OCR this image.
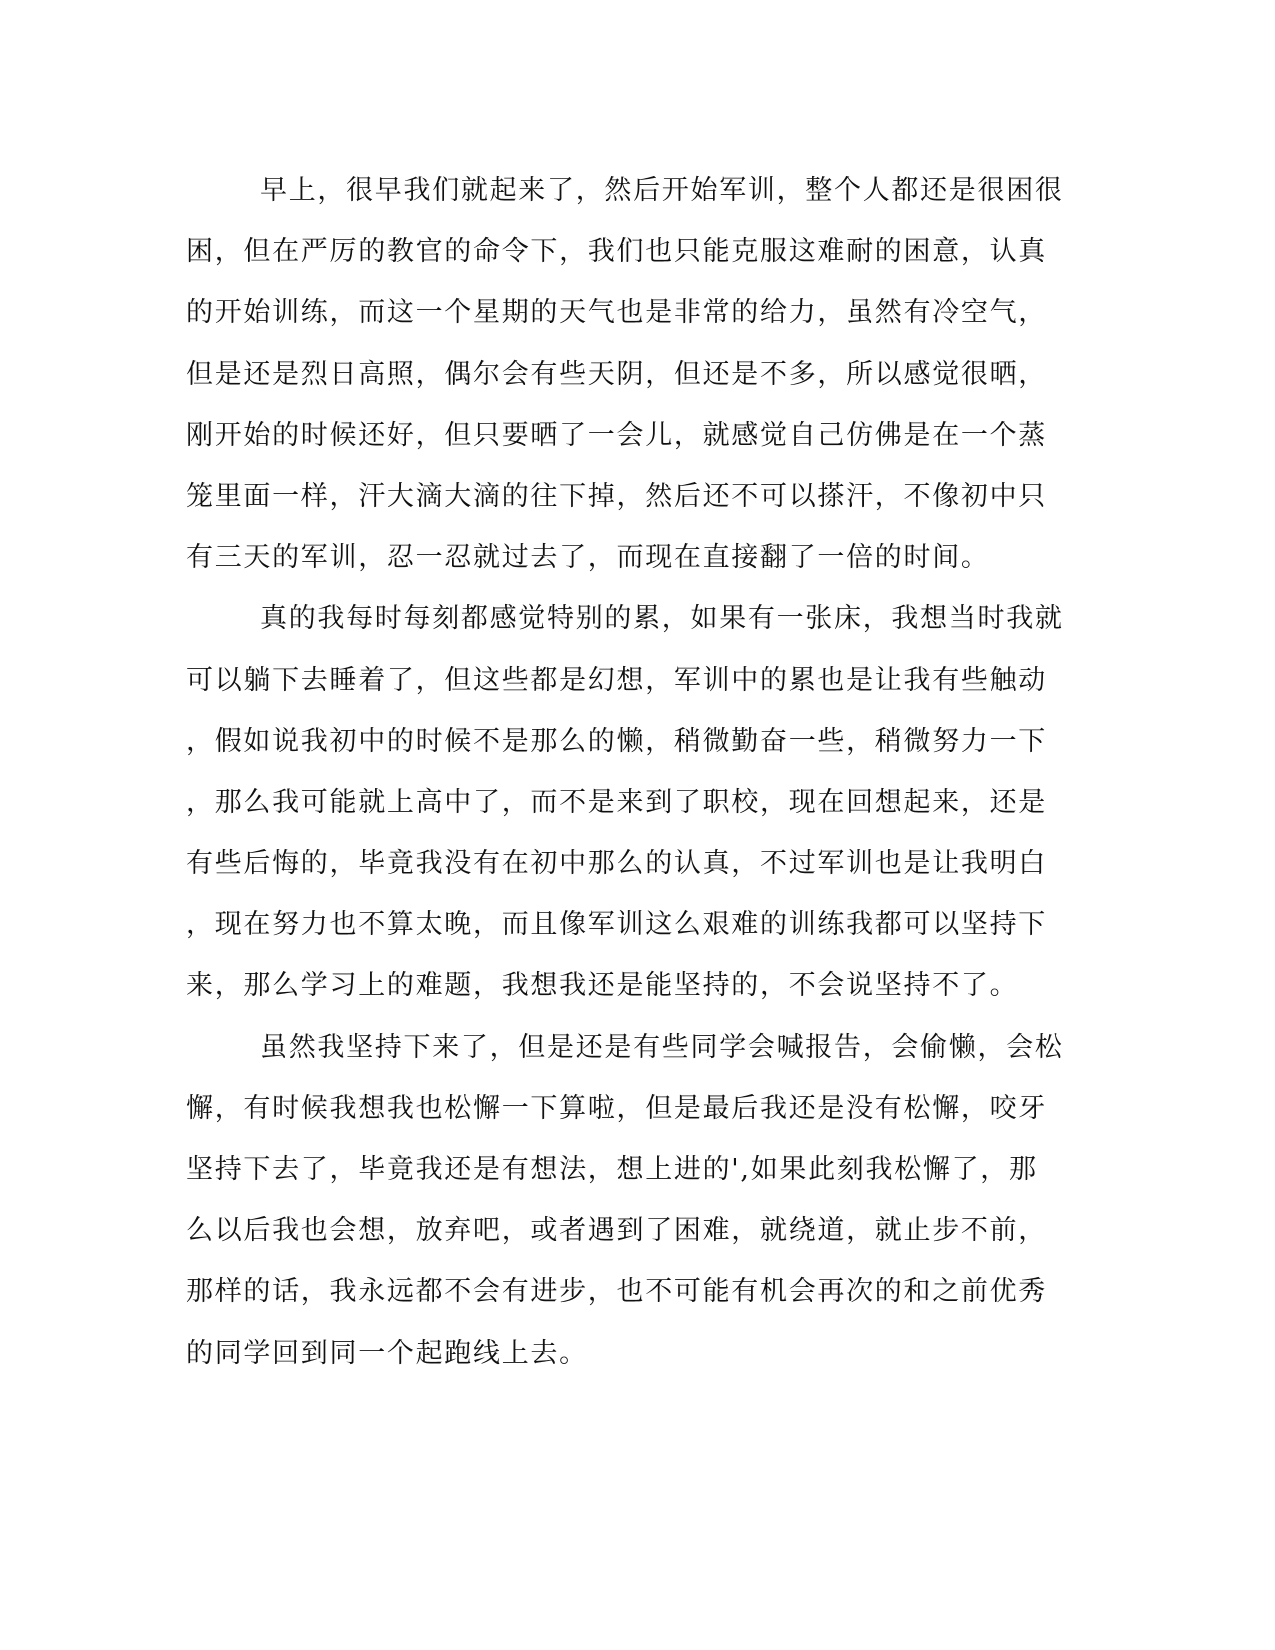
早上，很早我们就起来了，然后开始军训，整个人都还是很困很
困，但在严厉的教官的命令下，我们也只能克服这难耐的困意，认真
的开始训练，而这一个星期的天气也是非常的给力，虽然有冷空气，
但是还是烈日高照，偶尔会有些天阴，但还是不多，所以感觉很晒，
刚开始的时候还好，但只要晒了一会儿，就感觉自己仿佛是在一个蒸
笼里面一样，汗大滴大滴的往下掉，然后还不可以搽汗，不像初中只
有三天的军训，忍一忍就过去了，而现在直接翻了一倍的时间。
真的我每时每刻都感觉特别的累，如果有一张床，我想当时我就
可以躺下去睡着了，但这些都是幻想，军训中的累也是让我有些触动
，假如说我初中的时候不是那么的懒，稍微勤奋一些，稍微努力一下
，那么我可能就上高中了，而不是来到了职校，现在回想起来，还是
有些后悔的，毕竟我没有在初中那么的认真，不过军训也是让我明白
，现在努力也不算太晚，而且像军训这么艰难的训练我都可以坚持下
来，那么学习上的难题，我想我还是能坚持的，不会说坚持不了。
虽然我坚持下来了，但是还是有些同学会喊报告，会偷懒，会松
懈，有时候我想我也松懈一下算啦，但是最后我还是没有松懈，咬牙
坚持下去了，毕竟我还是有想法，想上进的',如果此刻我松懈了，那
么以后我也会想，放弃吧，或者遇到了困难，就绕道，就止步不前，
那样的话，我永远都不会有进步，也不可能有机会再次的和之前优秀
的同学回到同一个起跑线上去。
